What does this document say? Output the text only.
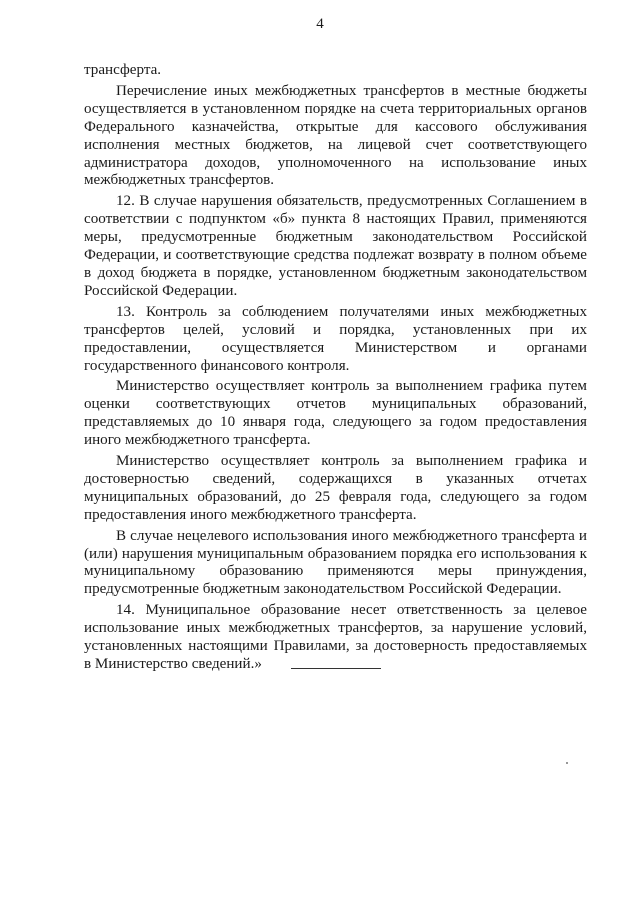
4

трансферта.

Перечисление иных межбюджетных трансфертов в местные бюджеты осуществляется в установленном порядке на счета территориальных органов Федерального казначейства, открытые для кассового обслуживания исполнения местных бюджетов, на лицевой счет соответствующего администратора доходов, уполномоченного на использование иных межбюджетных трансфертов.

12. В случае нарушения обязательств, предусмотренных Соглашением в соответствии с подпунктом «б» пункта 8 настоящих Правил, применяются меры, предусмотренные бюджетным законодательством Российской Федерации, и соответствующие средства подлежат возврату в полном объеме в доход бюджета в порядке, установленном бюджетным законодательством Российской Федерации.

13. Контроль за соблюдением получателями иных межбюджетных трансфертов целей, условий и порядка, установленных при их предоставлении, осуществляется Министерством и органами государственного финансового контроля.

Министерство осуществляет контроль за выполнением графика путем оценки соответствующих отчетов муниципальных образований, представляемых до 10 января года, следующего за годом предоставления иного межбюджетного трансферта.

Министерство осуществляет контроль за выполнением графика и достоверностью сведений, содержащихся в указанных отчетах муниципальных образований, до 25 февраля года, следующего за годом предоставления иного межбюджетного трансферта.

В случае нецелевого использования иного межбюджетного трансферта и (или) нарушения муниципальным образованием порядка его использования к муниципальному образованию применяются меры принуждения, предусмотренные бюджетным законодательством Российской Федерации.

14. Муниципальное образование несет ответственность за целевое использование иных межбюджетных трансфертов, за нарушение условий, установленных настоящими Правилами, за достоверность предоставляемых в Министерство сведений.»
